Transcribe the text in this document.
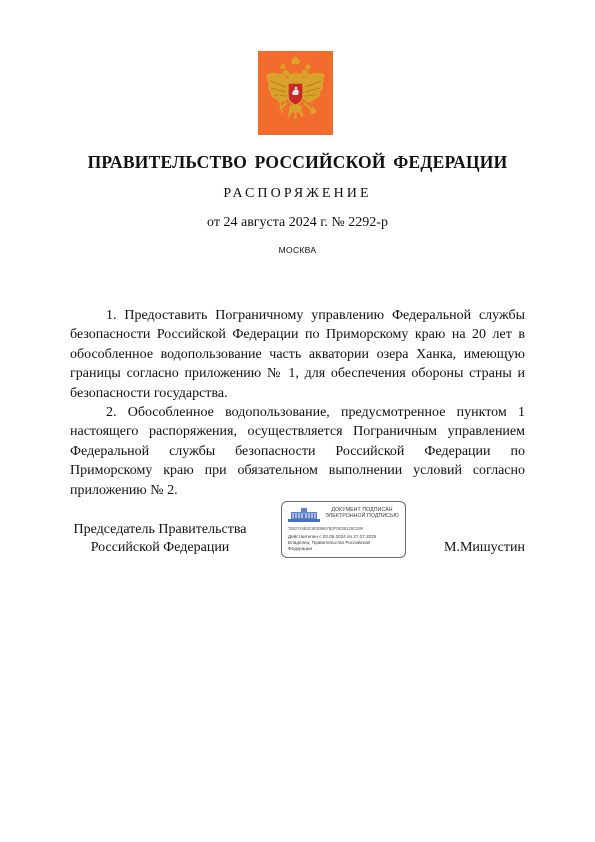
ПРАВИТЕЛЬСТВО РОССИЙСКОЙ ФЕДЕРАЦИИ
РАСПОРЯЖЕНИЕ
от 24 августа 2024 г. № 2292-р
МОСКВА

1. Предоставить Пограничному управлению Федеральной службы безопасности Российской Федерации по Приморскому краю на 20 лет в обособленное водопользование часть акватории озера Ханка, имеющую границы согласно приложению № 1, для обеспечения обороны страны и безопасности государства.

2. Обособленное водопользование, предусмотренное пунктом 1 настоящего распоряжения, осуществляется Пограничным управлением Федеральной службы безопасности Российской Федерации по Приморскому краю при обязательном выполнении условий согласно приложению № 2.

Председатель Правительства
Российской Федерации
ДОКУМЕНТ ПОДПИСАН
ЭЛЕКТРОННОЙ ПОДПИСЬЮ
7882744B3C6EB9967B0F0E3B125C098
Действителен с 03.05.2024 по 27.07.2025
Владелец: Правительство Российской
Федерации	М.Мишустин
